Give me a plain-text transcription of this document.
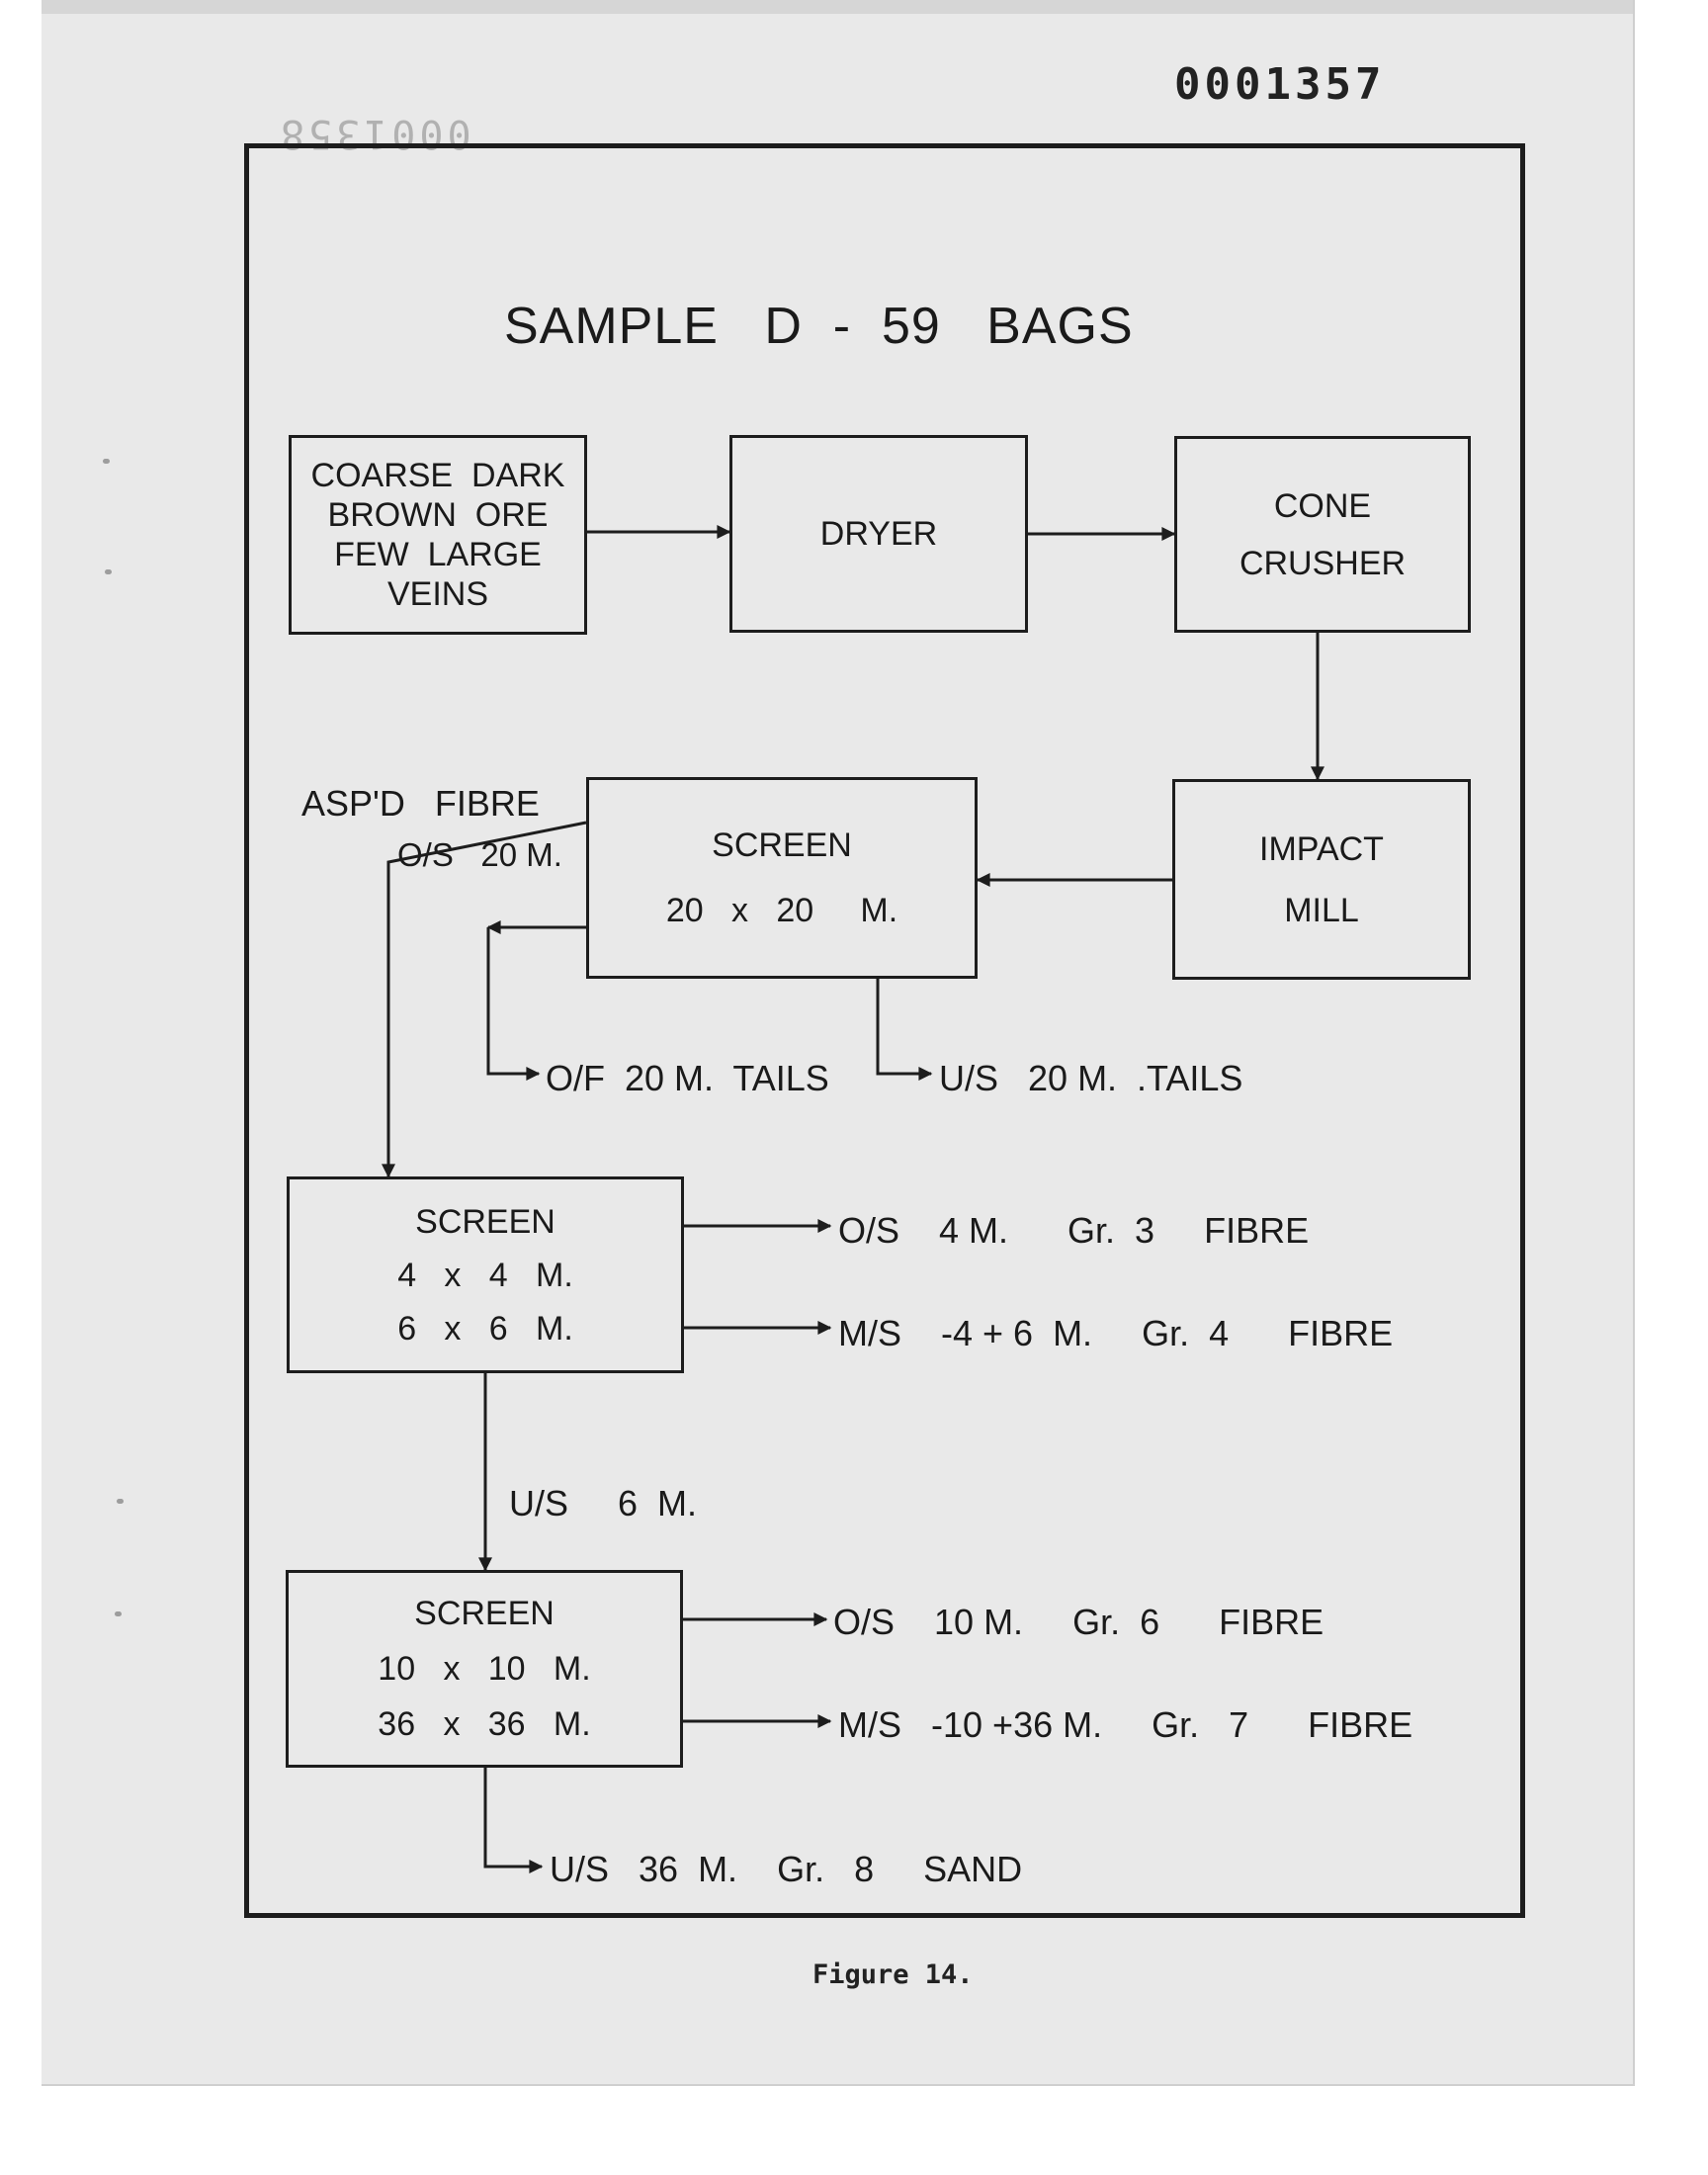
0001357
0001358
SAMPLE   D  -  59   BAGS
COARSE  DARK
BROWN  ORE
FEW  LARGE
VEINS
DRYER
CONE
CRUSHER
IMPACT
MILL
SCREEN
20   x   20     M.
SCREEN
4   x   4   M.
6   x   6   M.
SCREEN
10   x   10   M.
36   x   36   M.
ASP'D   FIBRE
O/S   20 M.
O/F  20 M.  TAILS	U/S   20 M.  .TAILS
O/S    4 M.      Gr.  3     FIBRE
M/S    -4 + 6  M.     Gr.  4      FIBRE
U/S     6  M.
O/S    10 M.     Gr.  6      FIBRE
M/S   -10 +36 M.     Gr.   7      FIBRE
U/S   36  M.    Gr.   8     SAND
Figure 14.
